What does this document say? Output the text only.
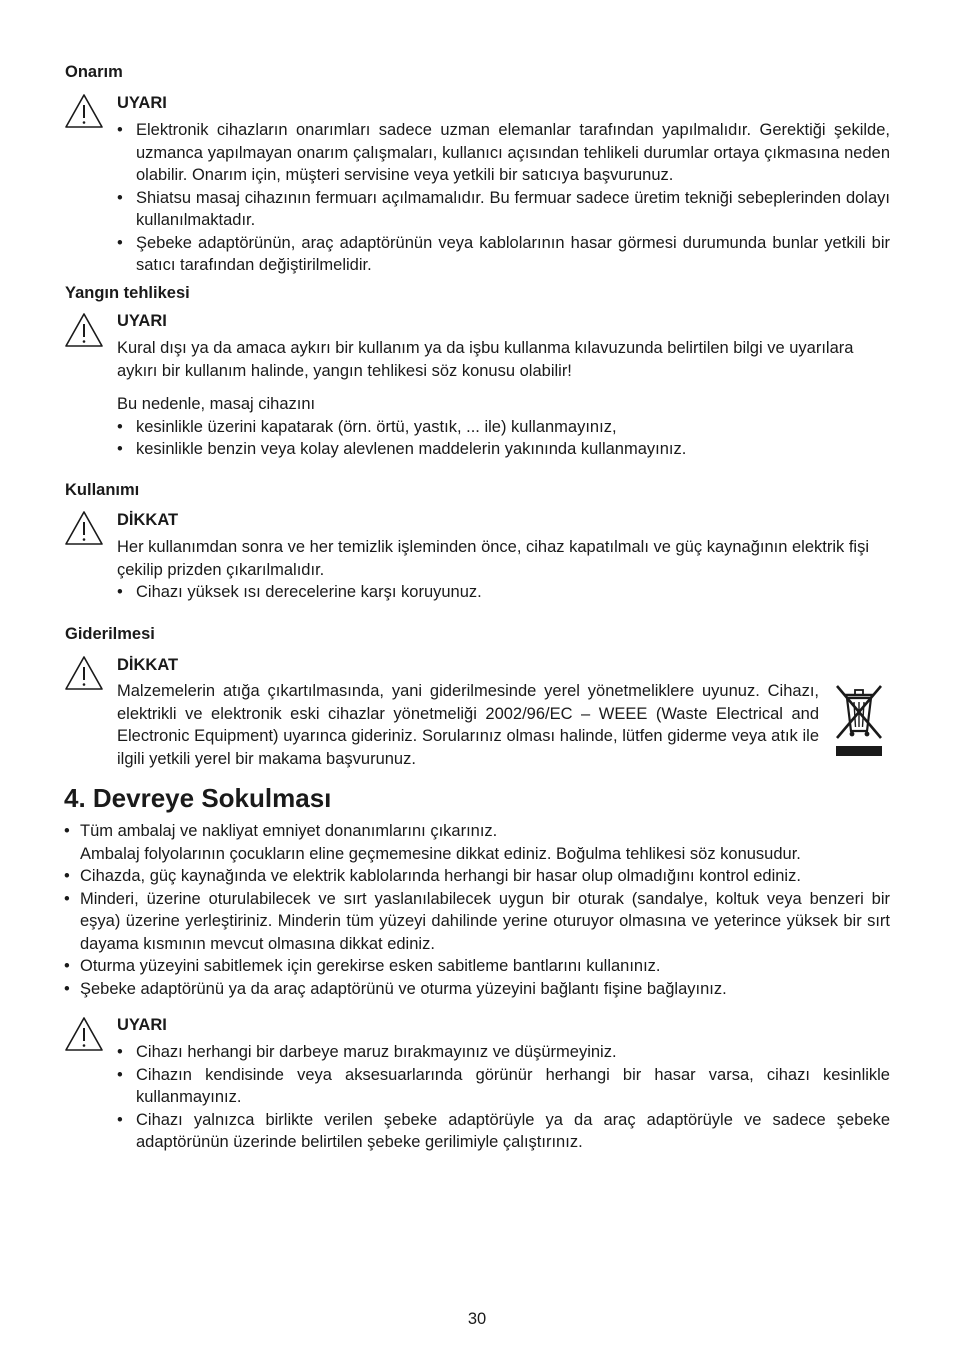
Onarım
UYARI
• Elektronik cihazların onarımları sadece uzman elemanlar tarafından yapılmalıdır. Gerektiği şekilde, uzmanca yapılmayan onarım çalışmaları, kullanıcı açısından tehlikeli durumlar ortaya çıkmasına neden olabilir. Onarım için, müşteri servisine veya yetkili bir satıcıya başvurunuz.
• Shiatsu masaj cihazının fermuarı açılmamalıdır. Bu fermuar sadece üretim tekniği sebeplerinden dolayı kullanılmaktadır.
• Şebeke adaptörünün, araç adaptörünün veya kablolarının hasar görmesi durumunda bunlar yetkili bir satıcı tarafından değiştirilmelidir.
Yangın tehlikesi
UYARI

Kural dışı ya da amaca aykırı bir kullanım ya da işbu kullanma kılavuzunda belirtilen bilgi ve uyarılara aykırı bir kullanım halinde, yangın tehlikesi söz konusu olabilir!

Bu nedenle, masaj cihazını

• kesinlikle üzerini kapatarak (örn. örtü, yastık, ... ile) kullanmayınız,
• kesinlikle benzin veya kolay alevlenen maddelerin yakınında kullanmayınız.
Kullanımı
DİKKAT

Her kullanımdan sonra ve her temizlik işleminden önce, cihaz kapatılmalı ve güç kaynağının elektrik fişi çekilip prizden çıkarılmalıdır.

• Cihazı yüksek ısı derecelerine karşı koruyunuz.
Giderilmesi
DİKKAT

Malzemelerin atığa çıkartılmasında, yani giderilmesinde yerel yönetmeliklere uyunuz. Cihazı, elektrikli ve elektronik eski cihazlar yönetmeliği 2002/96/EC – WEEE (Waste Electrical and Electronic Equipment) uyarınca gideriniz. Sorularınız olması halinde, lütfen giderme veya atık ile ilgili yetkili yerel bir makama başvurunuz.

4. Devreye Sokulması
• Tüm ambalaj ve nakliyat emniyet donanımlarını çıkarınız.
Ambalaj folyolarının çocukların eline geçmemesine dikkat ediniz. Boğulma tehlikesi söz konusudur.
• Cihazda, güç kaynağında ve elektrik kablolarında herhangi bir hasar olup olmadığını kontrol ediniz.
• Minderi, üzerine oturulabilecek ve sırt yaslanılabilecek uygun bir oturak (sandalye, koltuk veya benzeri bir eşya) üzerine yerleştiriniz. Minderin tüm yüzeyi dahilinde yerine oturuyor olmasına ve yeterince yüksek bir sırt dayama kısmının mevcut olmasına dikkat ediniz.
• Oturma yüzeyini sabitlemek için gerekirse esken sabitleme bantlarını kullanınız.
• Şebeke adaptörünü ya da araç adaptörünü ve oturma yüzeyini bağlantı fişine bağlayınız.
UYARI
• Cihazı herhangi bir darbeye maruz bırakmayınız ve düşürmeyiniz.
• Cihazın kendisinde veya aksesuarlarında görünür herhangi bir hasar varsa, cihazı kesinlikle kullanmayınız.
• Cihazı yalnızca birlikte verilen şebeke adaptörüyle ya da araç adaptörüyle ve sadece şebeke adaptörünün üzerinde belirtilen şebeke gerilimiyle çalıştırınız.
30
